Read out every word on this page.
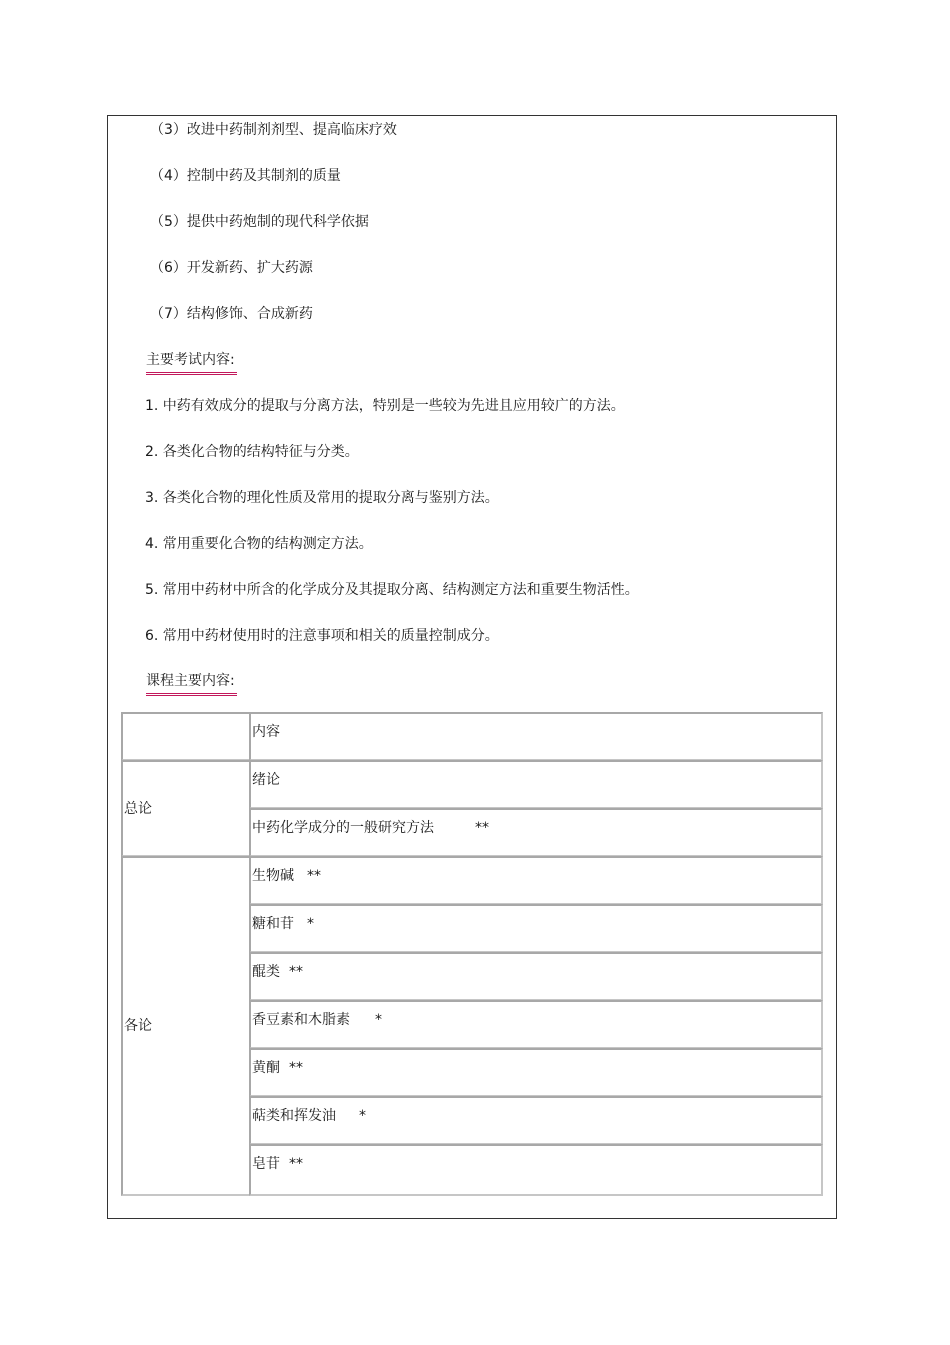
（3）改进中药制剂剂型、提高临床疗效
（4）控制中药及其制剂的质量
（5）提供中药炮制的现代科学依据
（6）开发新药、扩大药源
（7）结构修饰、合成新药
主要考试内容:
1. 中药有效成分的提取与分离方法，特别是一些较为先进且应用较广的方法。
2. 各类化合物的结构特征与分类。
3. 各类化合物的理化性质及常用的提取分离与鉴别方法。
4. 常用重要化合物的结构测定方法。
5. 常用中药材中所含的化学成分及其提取分离、结构测定方法和重要生物活性。
6. 常用中药材使用时的注意事项和相关的质量控制成分。
课程主要内容:
内容
总论
绪论
中药化学成分的一般研究方法	**
各论
生物碱 **
糖和苷 *
醌类 **
香豆素和木脂素 *
黄酮 **
萜类和挥发油 *
皂苷 **
